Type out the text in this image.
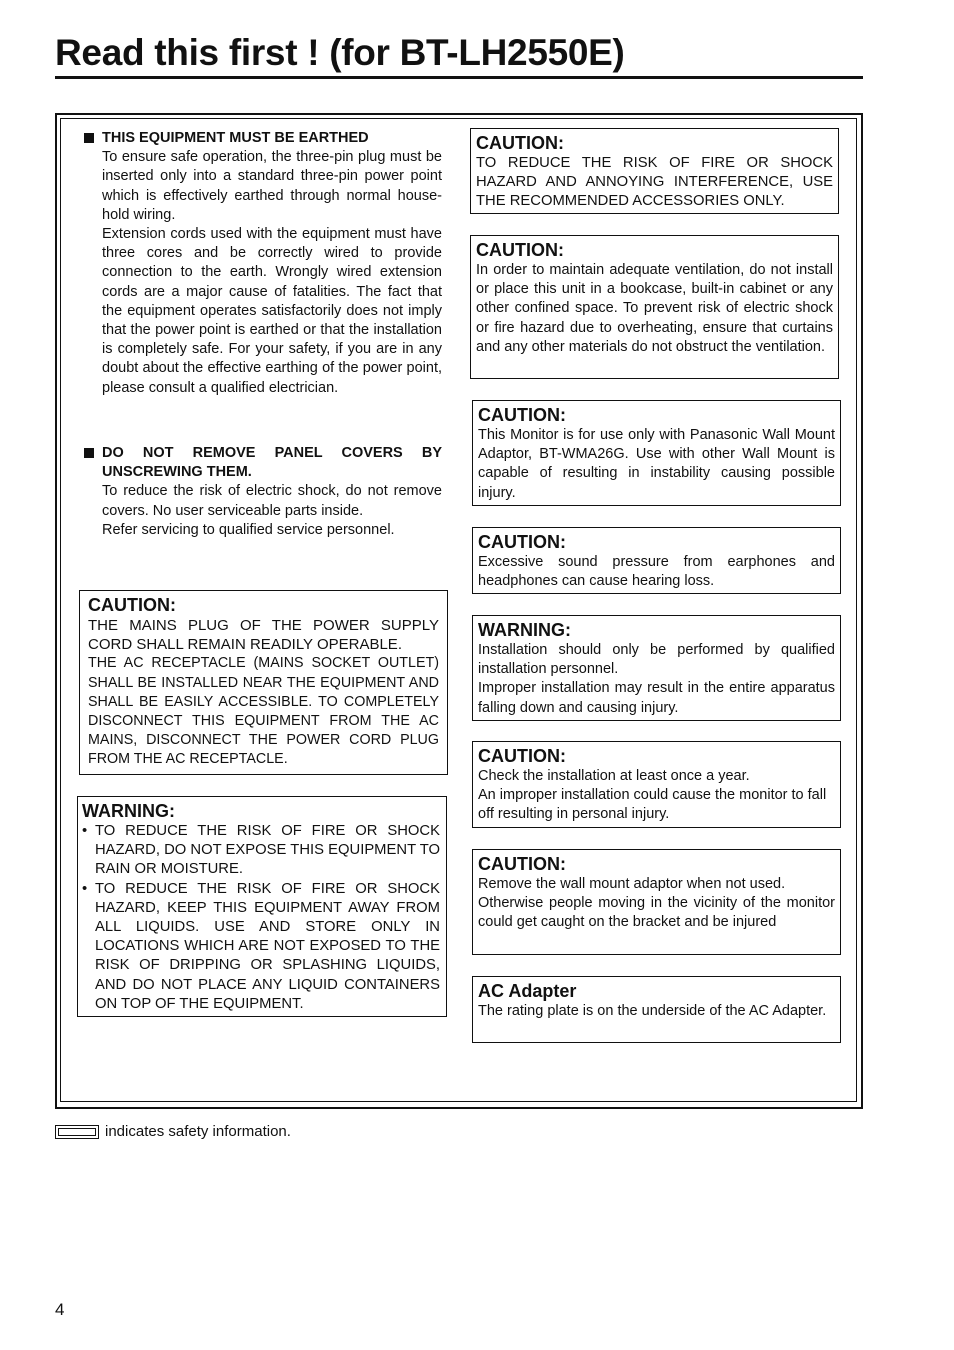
Read this first ! (for BT-LH2550E)
THIS EQUIPMENT MUST BE EARTHED

To ensure safe operation, the three-pin plug must be inserted only into a standard three-pin power point which is effectively earthed through normal house-hold wiring.

Extension cords used with the equipment must have three cores and be correctly wired to provide connection to the earth. Wrongly wired extension cords are a major cause of fatalities. The fact that the equipment operates satisfactorily does not imply that the power point is earthed or that the installation is completely safe. For your safety, if you are in any doubt about the effective earthing of the power point, please consult a qualified electrician.

DO NOT REMOVE PANEL COVERS BY UNSCREWING THEM.

To reduce the risk of electric shock, do not remove covers. No user serviceable parts inside.

Refer servicing to qualified service personnel.

CAUTION:

THE MAINS PLUG OF THE POWER SUPPLY CORD SHALL REMAIN READILY OPERABLE.

THE AC RECEPTACLE (MAINS SOCKET OUTLET) SHALL BE INSTALLED NEAR THE EQUIPMENT AND SHALL BE EASILY ACCESSIBLE. TO COMPLETELY DISCONNECT THIS EQUIPMENT FROM THE AC MAINS, DISCONNECT THE POWER CORD PLUG FROM THE AC RECEPTACLE.

WARNING:

• TO REDUCE THE RISK OF FIRE OR SHOCK HAZARD, DO NOT EXPOSE THIS EQUIPMENT TO RAIN OR MOISTURE.

• TO REDUCE THE RISK OF FIRE OR SHOCK HAZARD, KEEP THIS EQUIPMENT AWAY FROM ALL LIQUIDS. USE AND STORE ONLY IN LOCATIONS WHICH ARE NOT EXPOSED TO THE RISK OF DRIPPING OR SPLASHING LIQUIDS, AND DO NOT PLACE ANY LIQUID CONTAINERS ON TOP OF THE EQUIPMENT.

CAUTION:

TO REDUCE THE RISK OF FIRE OR SHOCK HAZARD AND ANNOYING INTERFERENCE, USE THE RECOMMENDED ACCESSORIES ONLY.

CAUTION:

In order to maintain adequate ventilation, do not install or place this unit in a bookcase, built-in cabinet or any other confined space. To prevent risk of electric shock or fire hazard due to overheating, ensure that curtains and any other materials do not obstruct the ventilation.

CAUTION:

This Monitor is for use only with Panasonic Wall Mount Adaptor, BT-WMA26G. Use with other Wall Mount is capable of resulting in instability causing possible injury.

CAUTION:

Excessive sound pressure from earphones and headphones can cause hearing loss.

WARNING:

Installation should only be performed by qualified installation personnel.

Improper installation may result in the entire apparatus falling down and causing injury.

CAUTION:

Check the installation at least once a year.

An improper installation could cause the monitor to fall off resulting in personal injury.

CAUTION:

Remove the wall mount adaptor when not used.

Otherwise people moving in the vicinity of the monitor could get caught on the bracket and be injured

AC Adapter

The rating plate is on the underside of the AC Adapter.

indicates safety information.
4
